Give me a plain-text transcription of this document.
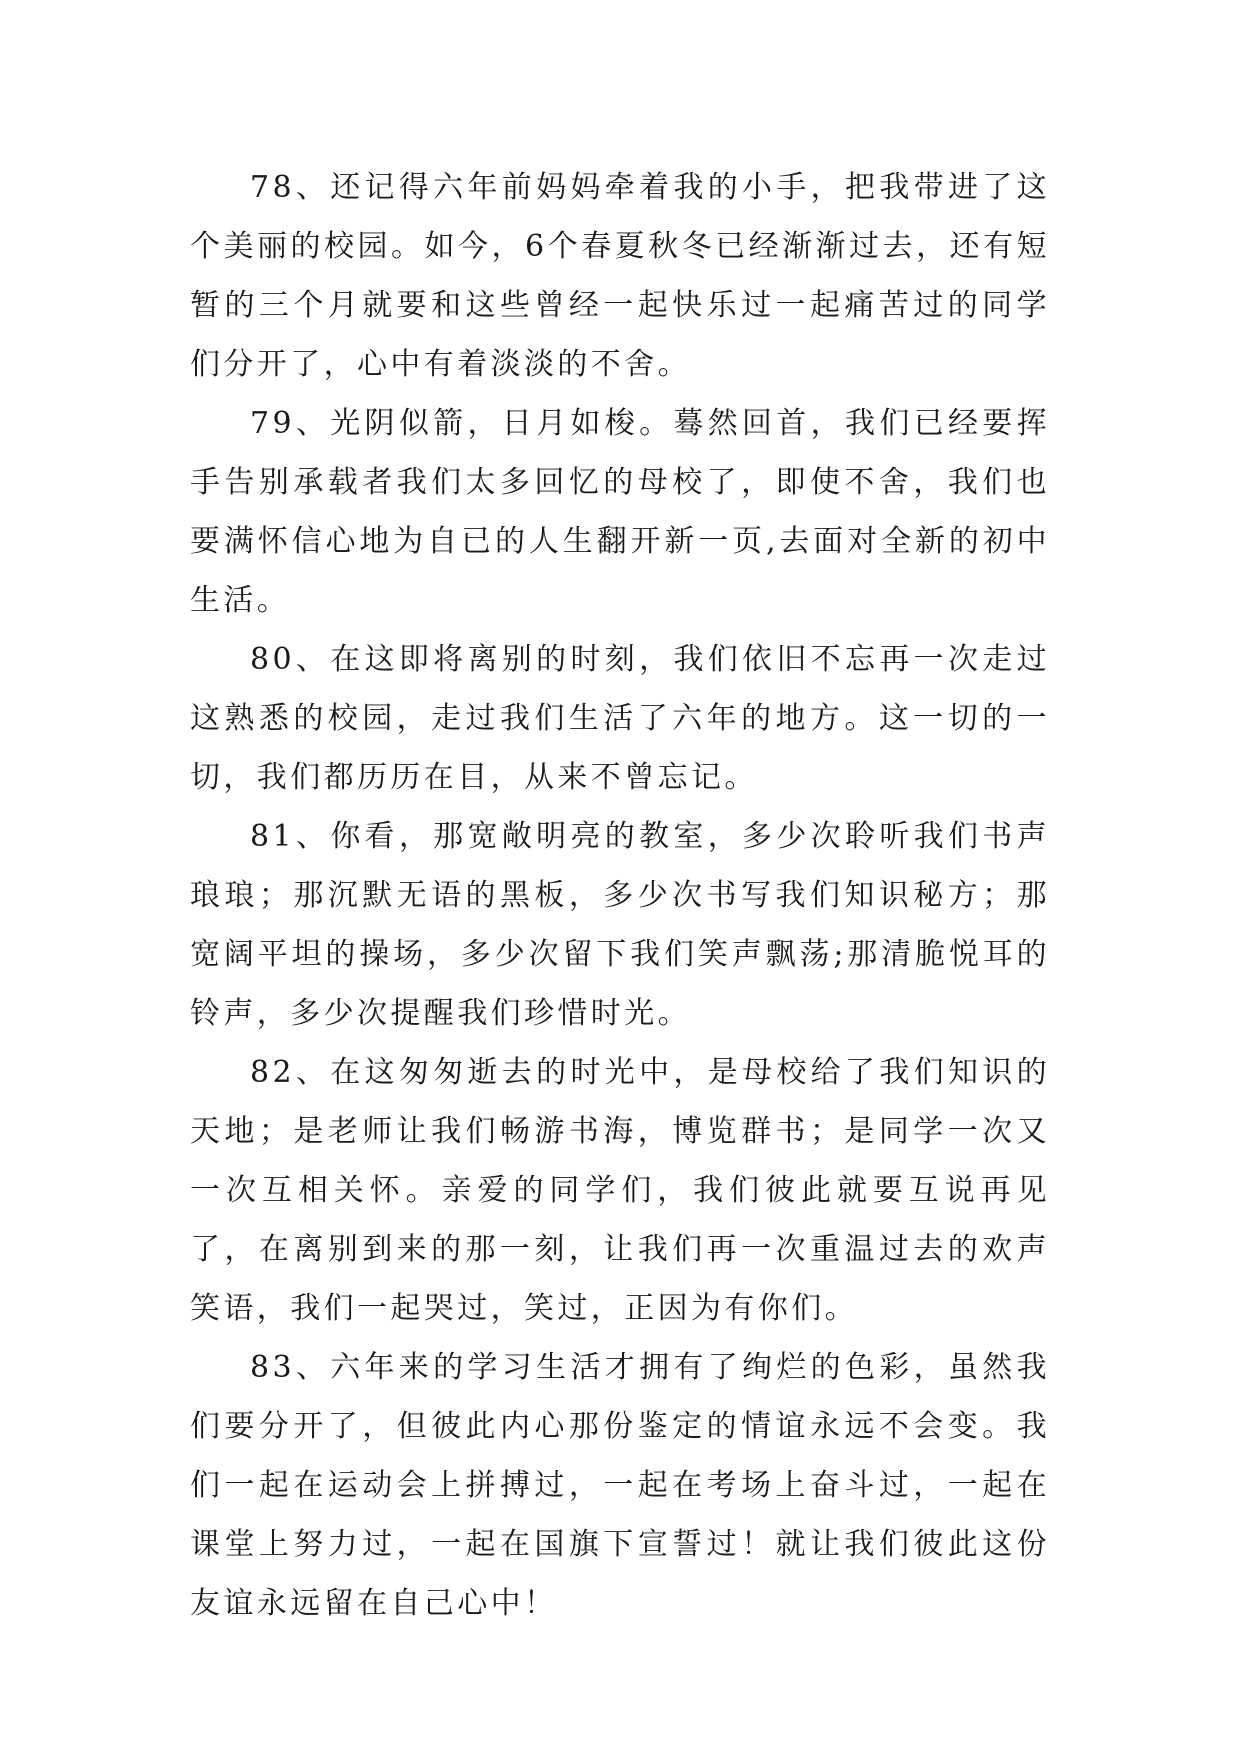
78、还记得六年前妈妈牵着我的小手，把我带进了这个美丽的校园。如今，6个春夏秋冬已经渐渐过去，还有短暂的三个月就要和这些曾经一起快乐过一起痛苦过的同学们分开了，心中有着淡淡的不舍。

79、光阴似箭，日月如梭。蓦然回首，我们已经要挥手告别承载者我们太多回忆的母校了，即使不舍，我们也要满怀信心地为自已的人生翻开新一页,去面对全新的初中生活。

80、在这即将离别的时刻，我们依旧不忘再一次走过这熟悉的校园，走过我们生活了六年的地方。这一切的一切，我们都历历在目，从来不曾忘记。

81、你看，那宽敞明亮的教室，多少次聆听我们书声琅琅；那沉默无语的黑板，多少次书写我们知识秘方；那宽阔平坦的操场，多少次留下我们笑声飘荡;那清脆悦耳的铃声，多少次提醒我们珍惜时光。

82、在这匆匆逝去的时光中，是母校给了我们知识的天地；是老师让我们畅游书海，博览群书；是同学一次又一次互相关怀。亲爱的同学们，我们彼此就要互说再见了，在离别到来的那一刻，让我们再一次重温过去的欢声笑语，我们一起哭过，笑过，正因为有你们。

83、六年来的学习生活才拥有了绚烂的色彩，虽然我们要分开了，但彼此内心那份鉴定的情谊永远不会变。我们一起在运动会上拼搏过，一起在考场上奋斗过，一起在课堂上努力过，一起在国旗下宣誓过！就让我们彼此这份友谊永远留在自己心中！
